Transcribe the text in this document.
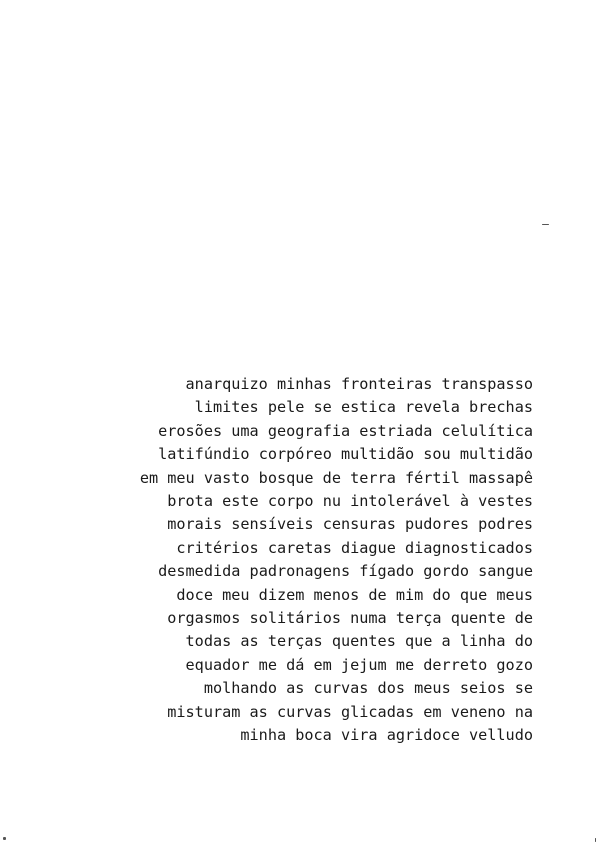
anarquizo minhas fronteiras transpasso
limites pele se estica revela brechas
erosões uma geografia estriada celulítica
latifúndio corpóreo multidão sou multidão
em meu vasto bosque de terra fértil massapê
brota este corpo nu intolerável à vestes
morais sensíveis censuras pudores podres
critérios caretas diague diagnosticados
desmedida padronagens fígado gordo sangue
doce meu dizem menos de mim do que meus
orgasmos solitários numa terça quente de
todas as terças quentes que a linha do
equador me dá em jejum me derreto gozo
molhando as curvas dos meus seios se
misturam as curvas glicadas em veneno na
minha boca vira agridoce velludo
